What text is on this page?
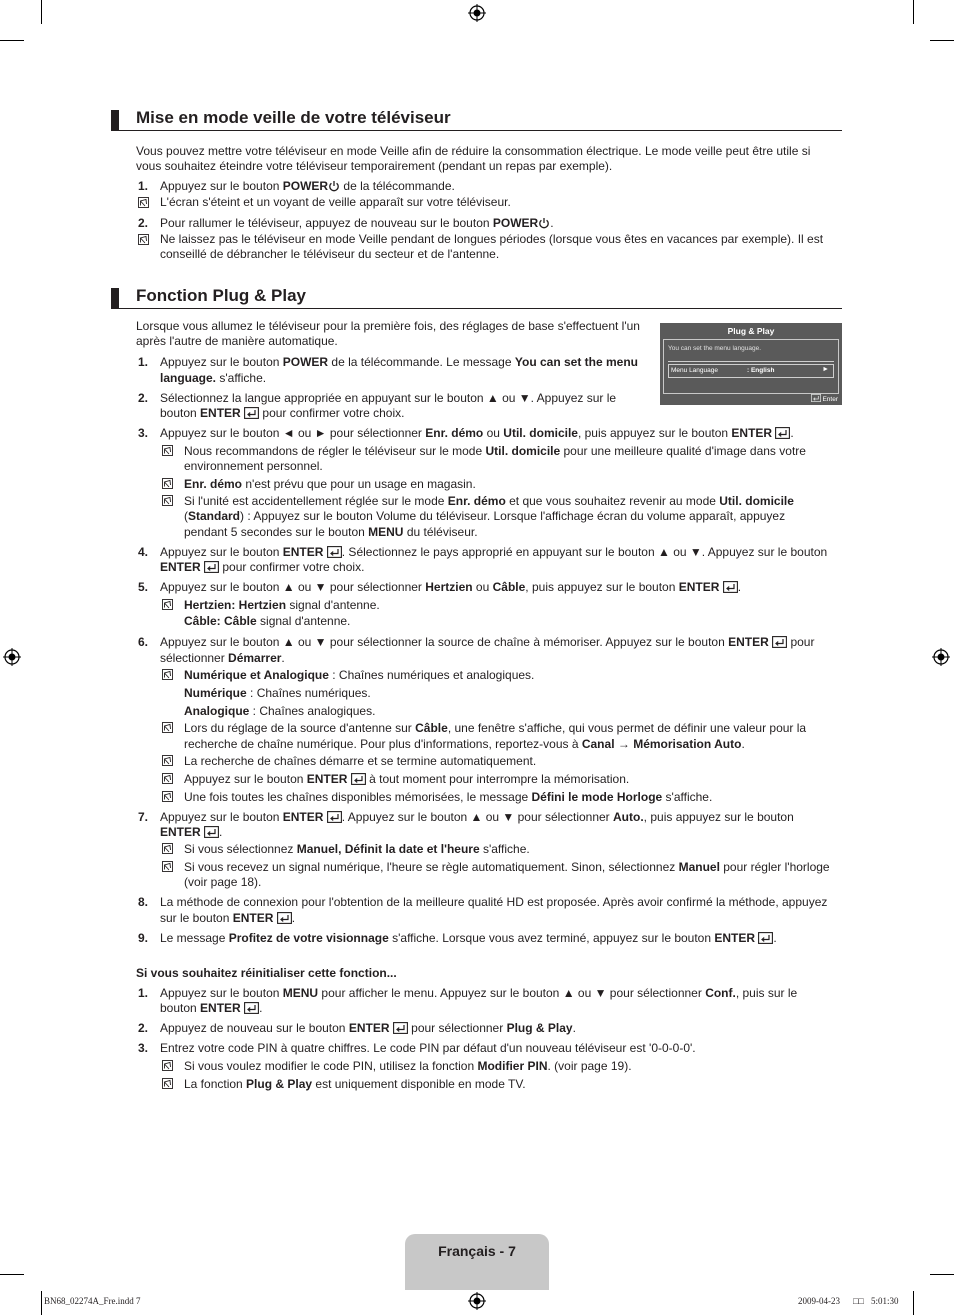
Mise en mode veille de votre téléviseur
Vous pouvez mettre votre téléviseur en mode Veille afin de réduire la consommation électrique. Le mode veille peut être utile si
vous souhaitez éteindre votre téléviseur temporairement (pendant un repas par exemple).
1. Appuyez sur le bouton POWER de la télécommande.
L'écran s'éteint et un voyant de veille apparaît sur votre téléviseur.
2. Pour rallumer le téléviseur, appuyez de nouveau sur le bouton POWER .
Ne laissez pas le téléviseur en mode Veille pendant de longues périodes (lorsque vous êtes en vacances par exemple). Il est
conseillé de débrancher le téléviseur du secteur et de l'antenne.
Fonction Plug & Play
Lorsque vous allumez le téléviseur pour la première fois, des réglages de base s'effectuent l'un
après l'autre de manière automatique.
Plug & Play
You can set the menu language.
Menu Language	: English	►
Enter
1. Appuyez sur le bouton POWER de la télécommande. Le message You can set the menu
language. s'affiche.
2. Sélectionnez la langue appropriée en appuyant sur le bouton ▲ ou ▼. Appuyez sur le
bouton ENTER  pour confirmer votre choix.
3. Appuyez sur le bouton ◄ ou ► pour sélectionner Enr. démo ou Util. domicile, puis appuyez sur le bouton ENTER .
Nous recommandons de régler le téléviseur sur le mode Util. domicile pour une meilleure qualité d'image dans votre
environnement personnel.
Enr. démo n'est prévu que pour un usage en magasin.
Si l'unité est accidentellement réglée sur le mode Enr. démo et que vous souhaitez revenir au mode Util. domicile
(Standard) : Appuyez sur le bouton Volume du téléviseur. Lorsque l'affichage écran du volume apparaît, appuyez
pendant 5 secondes sur le bouton MENU du téléviseur.
4. Appuyez sur le bouton ENTER . Sélectionnez le pays approprié en appuyant sur le bouton ▲ ou ▼. Appuyez sur le bouton
ENTER  pour confirmer votre choix.
5. Appuyez sur le bouton ▲ ou ▼ pour sélectionner Hertzien ou Câble, puis appuyez sur le bouton ENTER .
Hertzien: Hertzien signal d'antenne.
Câble: Câble signal d'antenne.
6. Appuyez sur le bouton ▲ ou ▼ pour sélectionner la source de chaîne à mémoriser. Appuyez sur le bouton ENTER  pour
sélectionner Démarrer.
Numérique et Analogique : Chaînes numériques et analogiques.
Numérique : Chaînes numériques.
Analogique : Chaînes analogiques.
Lors du réglage de la source d'antenne sur Câble, une fenêtre s'affiche, qui vous permet de définir une valeur pour la
recherche de chaîne numérique. Pour plus d'informations, reportez-vous à Canal → Mémorisation Auto.
La recherche de chaînes démarre et se termine automatiquement.
Appuyez sur le bouton ENTER  à tout moment pour interrompre la mémorisation.
Une fois toutes les chaînes disponibles mémorisées, le message Défini le mode Horloge s'affiche.
7. Appuyez sur le bouton ENTER . Appuyez sur le bouton ▲ ou ▼ pour sélectionner Auto., puis appuyez sur le bouton
ENTER .
Si vous sélectionnez Manuel, Définit la date et l'heure s'affiche.
Si vous recevez un signal numérique, l'heure se règle automatiquement. Sinon, sélectionnez Manuel pour régler l'horloge
(voir page 18).
8. La méthode de connexion pour l'obtention de la meilleure qualité HD est proposée. Après avoir confirmé la méthode, appuyez
sur le bouton ENTER .
9. Le message Profitez de votre visionnage s'affiche. Lorsque vous avez terminé, appuyez sur le bouton ENTER .
Si vous souhaitez réinitialiser cette fonction...
1. Appuyez sur le bouton MENU pour afficher le menu. Appuyez sur le bouton ▲ ou ▼ pour sélectionner Conf., puis sur le
bouton ENTER .
2. Appuyez de nouveau sur le bouton ENTER  pour sélectionner Plug & Play.
3. Entrez votre code PIN à quatre chiffres. Le code PIN par défaut d'un nouveau téléviseur est '0-0-0-0'.
Si vous voulez modifier le code PIN, utilisez la fonction Modifier PIN. (voir page 19).
La fonction Plug & Play est uniquement disponible en mode TV.
Français - 7
BN68_02274A_Fre.indd 7	2009-04-23 □□ 5:01:30
